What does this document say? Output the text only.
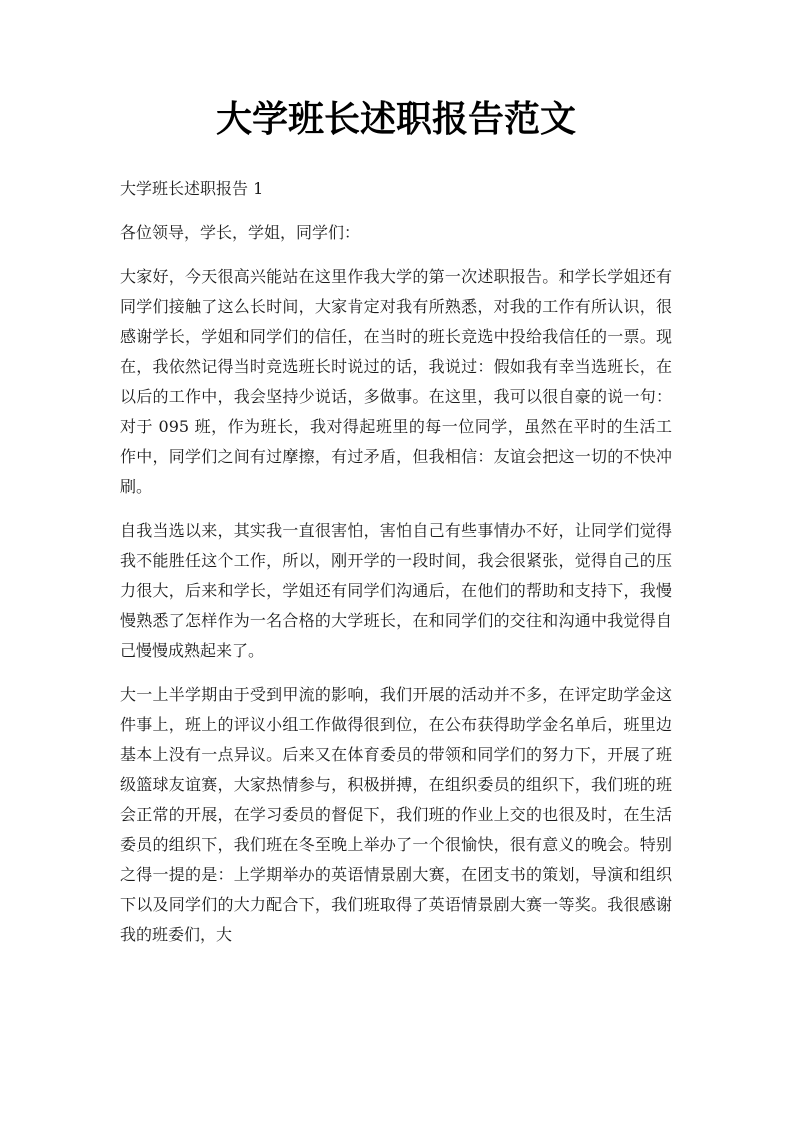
大学班长述职报告范文

大学班长述职报告 1

各位领导，学长，学姐，同学们：

大家好，今天很高兴能站在这里作我大学的第一次述职报告。和学长学姐还有同学们接触了这么长时间，大家肯定对我有所熟悉，对我的工作有所认识，很感谢学长，学姐和同学们的信任，在当时的班长竞选中投给我信任的一票。现在，我依然记得当时竞选班长时说过的话，我说过：假如我有幸当选班长，在以后的工作中，我会坚持少说话，多做事。在这里，我可以很自豪的说一句：对于 095 班，作为班长，我对得起班里的每一位同学，虽然在平时的生活工作中，同学们之间有过摩擦，有过矛盾，但我相信：友谊会把这一切的不快冲刷。

自我当选以来，其实我一直很害怕，害怕自己有些事情办不好，让同学们觉得我不能胜任这个工作，所以，刚开学的一段时间，我会很紧张，觉得自己的压力很大，后来和学长，学姐还有同学们沟通后，在他们的帮助和支持下，我慢慢熟悉了怎样作为一名合格的大学班长，在和同学们的交往和沟通中我觉得自己慢慢成熟起来了。

大一上半学期由于受到甲流的影响，我们开展的活动并不多，在评定助学金这件事上，班上的评议小组工作做得很到位，在公布获得助学金名单后，班里边基本上没有一点异议。后来又在体育委员的带领和同学们的努力下，开展了班级篮球友谊赛，大家热情参与，积极拼搏，在组织委员的组织下，我们班的班会正常的开展，在学习委员的督促下，我们班的作业上交的也很及时，在生活委员的组织下，我们班在冬至晚上举办了一个很愉快，很有意义的晚会。特别之得一提的是：上学期举办的英语情景剧大赛，在团支书的策划，导演和组织下以及同学们的大力配合下，我们班取得了英语情景剧大赛一等奖。我很感谢我的班委们，大
